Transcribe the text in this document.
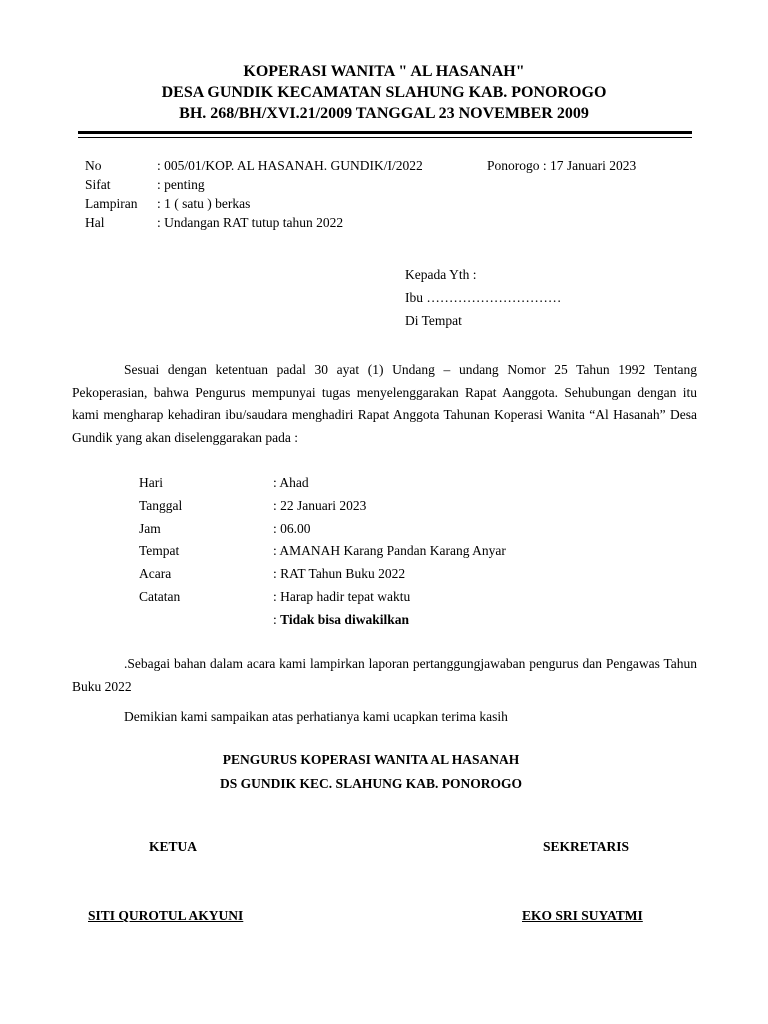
KOPERASI WANITA " AL HASANAH"
DESA GUNDIK KECAMATAN SLAHUNG KAB. PONOROGO
BH. 268/BH/XVI.21/2009 TANGGAL 23 NOVEMBER 2009
No	: 005/01/KOP. AL HASANAH. GUNDIK/I/2022
Sifat	: penting
Lampiran : 1 ( satu ) berkas
Hal	: Undangan RAT tutup tahun 2022
Ponorogo : 17 Januari 2023
Kepada Yth :
Ibu …………………………
Di Tempat
Sesuai dengan ketentuan padal 30 ayat (1) Undang – undang Nomor 25 Tahun 1992 Tentang Pekoperasian, bahwa Pengurus mempunyai tugas menyelenggarakan Rapat Aanggota. Sehubungan dengan itu kami mengharap kehadiran ibu/saudara menghadiri Rapat Anggota Tahunan Koperasi Wanita “Al Hasanah” Desa Gundik yang akan diselenggarakan pada :
Hari	: Ahad
Tanggal	: 22 Januari 2023
Jam	: 06.00
Tempat	: AMANAH Karang Pandan Karang Anyar
Acara	: RAT Tahun Buku 2022
Catatan	: Harap hadir tepat waktu
: Tidak bisa diwakilkan
.Sebagai bahan dalam acara kami lampirkan laporan pertanggungjawaban pengurus dan Pengawas Tahun Buku 2022
Demikian kami sampaikan atas perhatianya kami ucapkan terima kasih
PENGURUS KOPERASI WANITA AL HASANAH
DS GUNDIK KEC. SLAHUNG KAB. PONOROGO
KETUA	SEKRETARIS
SITI QUROTUL AKYUNI	EKO SRI SUYATMI
